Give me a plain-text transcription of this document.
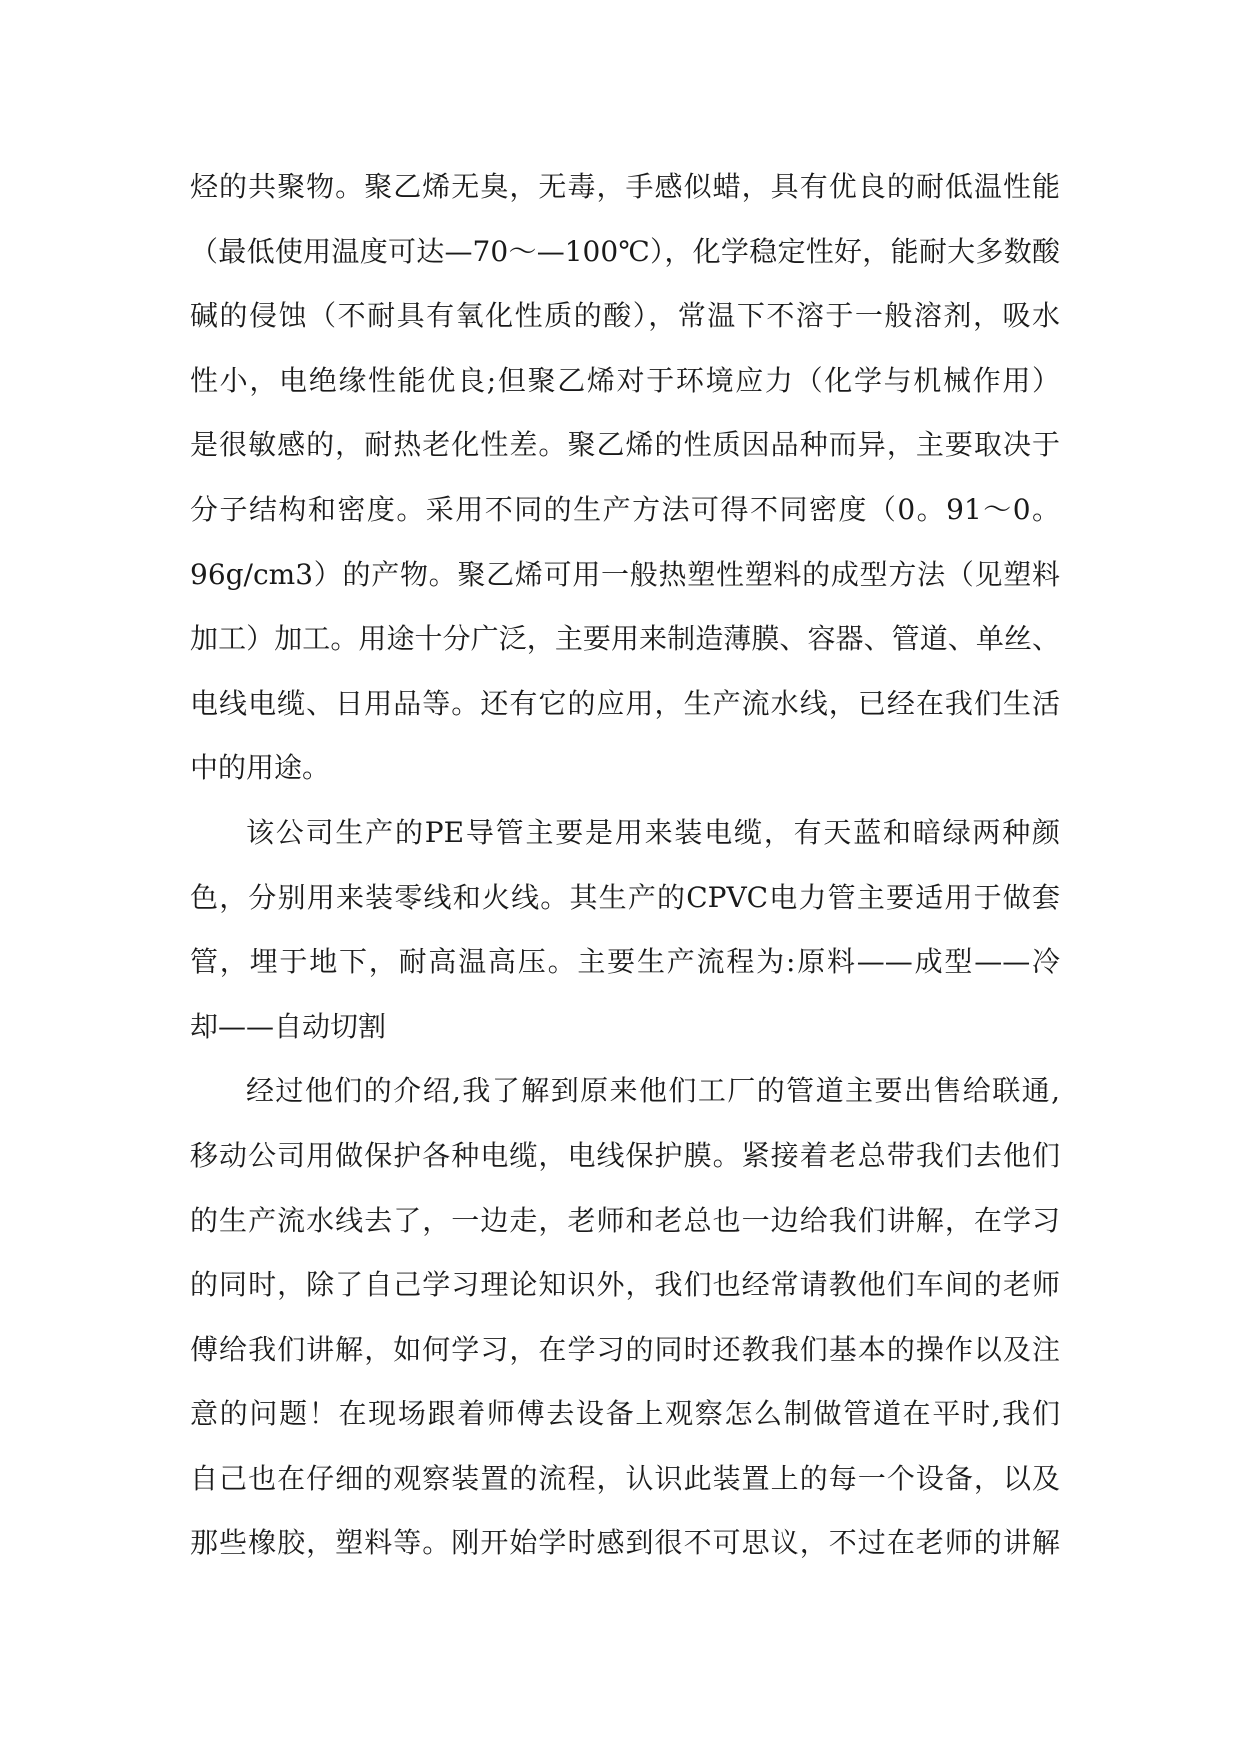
烃的共聚物。聚乙烯无臭，无毒，手感似蜡，具有优良的耐低温性能
（最低使用温度可达—70～—100℃），化学稳定性好，能耐大多数酸
碱的侵蚀（不耐具有氧化性质的酸），常温下不溶于一般溶剂，吸水
性小，电绝缘性能优良;但聚乙烯对于环境应力（化学与机械作用）
是很敏感的，耐热老化性差。聚乙烯的性质因品种而异，主要取决于
分子结构和密度。采用不同的生产方法可得不同密度（0。91～0。
96g/cm3）的产物。聚乙烯可用一般热塑性塑料的成型方法（见塑料
加工）加工。用途十分广泛，主要用来制造薄膜、容器、管道、单丝、
电线电缆、日用品等。还有它的应用，生产流水线，已经在我们生活
中的用途。
该公司生产的PE导管主要是用来装电缆，有天蓝和暗绿两种颜
色，分别用来装零线和火线。其生产的CPVC电力管主要适用于做套
管，埋于地下，耐高温高压。主要生产流程为:原料——成型——冷
却——自动切割
经过他们的介绍,我了解到原来他们工厂的管道主要出售给联通,
移动公司用做保护各种电缆，电线保护膜。紧接着老总带我们去他们
的生产流水线去了，一边走，老师和老总也一边给我们讲解，在学习
的同时，除了自己学习理论知识外，我们也经常请教他们车间的老师
傅给我们讲解，如何学习，在学习的同时还教我们基本的操作以及注
意的问题！在现场跟着师傅去设备上观察怎么制做管道在平时,我们
自己也在仔细的观察装置的流程，认识此装置上的每一个设备，以及
那些橡胶，塑料等。刚开始学时感到很不可思议，不过在老师的讲解
